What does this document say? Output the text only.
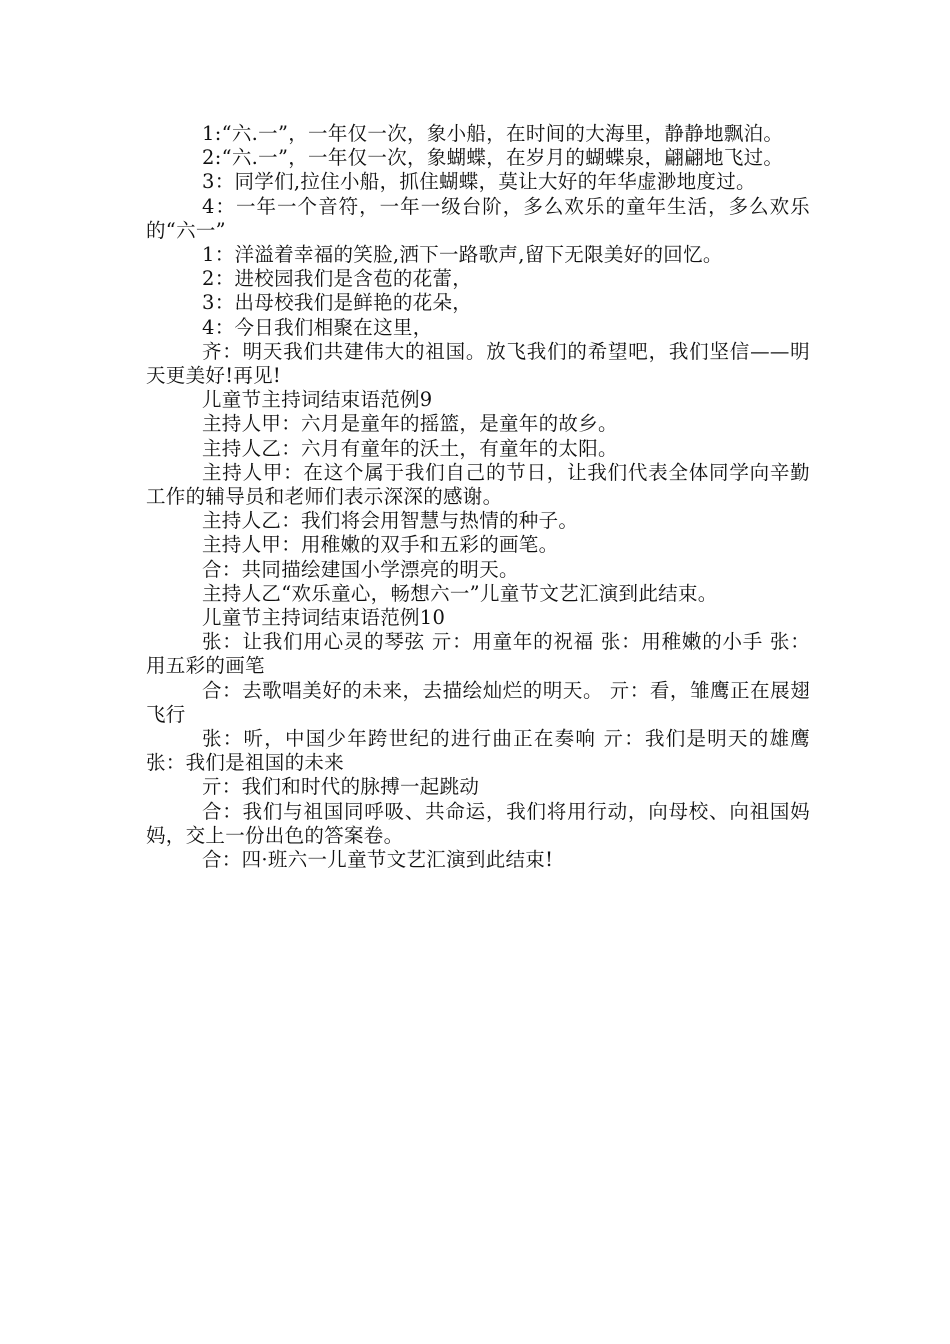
1:“六.一”，一年仅一次，象小船，在时间的大海里，静静地飘泊。

2:“六.一”，一年仅一次，象蝴蝶，在岁月的蝴蝶泉，翩翩地飞过。

3：同学们,拉住小船，抓住蝴蝶，莫让大好的年华虚渺地度过。

4：一年一个音符，一年一级台阶，多么欢乐的童年生活，多么欢乐的“六一”

1：洋溢着幸福的笑脸,洒下一路歌声,留下无限美好的回忆。

2：进校园我们是含苞的花蕾，

3：出母校我们是鲜艳的花朵，

4：今日我们相聚在这里，

齐：明天我们共建伟大的祖国。放飞我们的希望吧，我们坚信——明天更美好!再见!

儿童节主持词结束语范例9

主持人甲：六月是童年的摇篮，是童年的故乡。

主持人乙：六月有童年的沃土，有童年的太阳。

主持人甲：在这个属于我们自己的节日，让我们代表全体同学向辛勤工作的辅导员和老师们表示深深的感谢。

主持人乙：我们将会用智慧与热情的种子。

主持人甲：用稚嫩的双手和五彩的画笔。

合：共同描绘建国小学漂亮的明天。

主持人乙“欢乐童心，畅想六一”儿童节文艺汇演到此结束。

儿童节主持词结束语范例10

张：让我们用心灵的琴弦 亓：用童年的祝福 张：用稚嫩的小手 张：用五彩的画笔

合：去歌唱美好的未来，去描绘灿烂的明天。 亓：看，雏鹰正在展翅飞行

张：听，中国少年跨世纪的进行曲正在奏响 亓：我们是明天的雄鹰 张：我们是祖国的未来

亓：我们和时代的脉搏一起跳动

合：我们与祖国同呼吸、共命运，我们将用行动，向母校、向祖国妈妈，交上一份出色的答案卷。

合：四·班六一儿童节文艺汇演到此结束!
